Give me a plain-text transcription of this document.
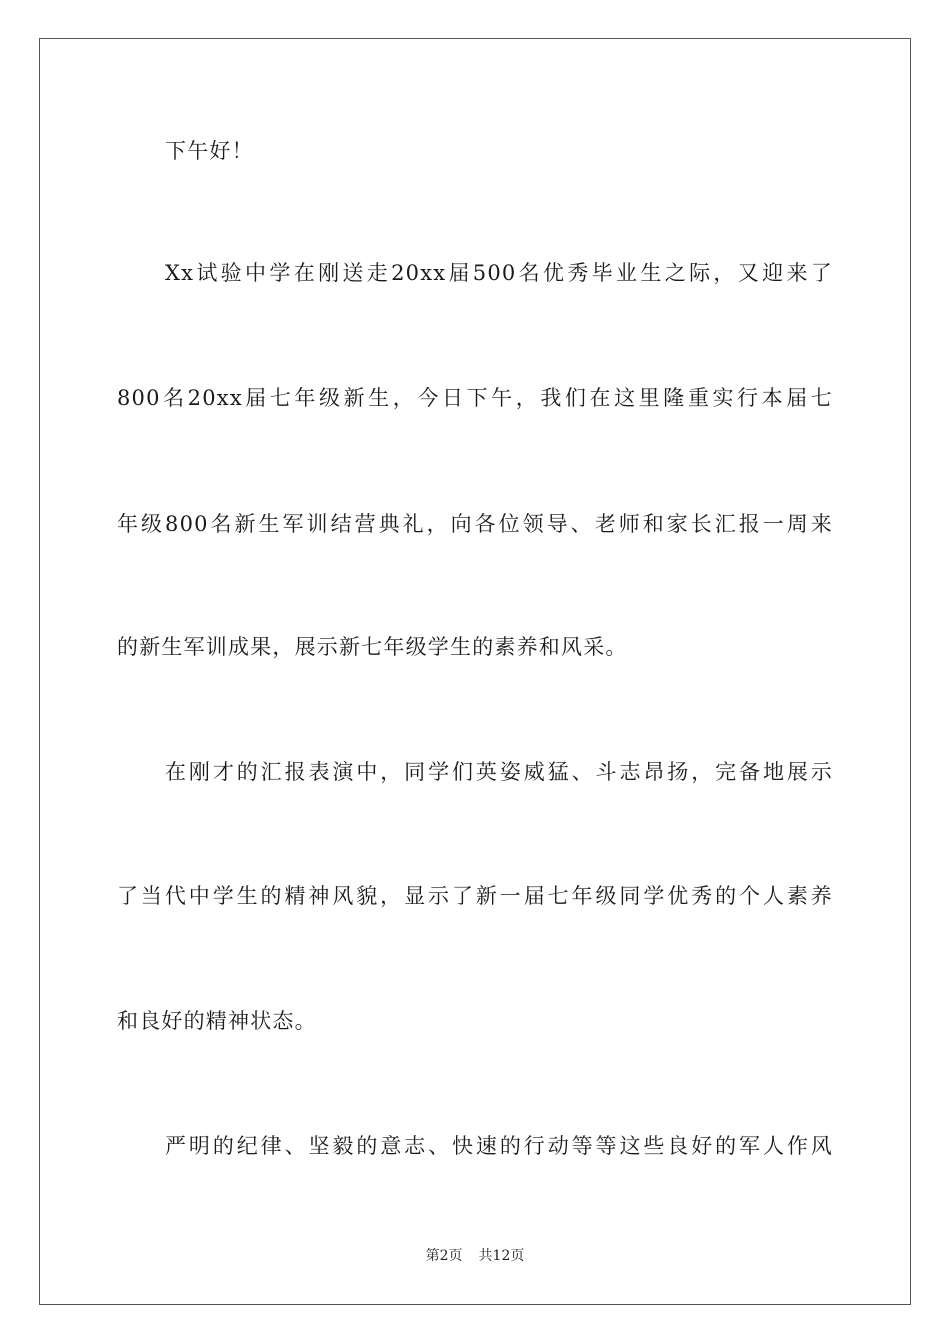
下午好！
Xx试验中学在刚送走20xx届500名优秀毕业生之际，又迎来了
800名20xx届七年级新生，今日下午，我们在这里隆重实行本届七
年级800名新生军训结营典礼，向各位领导、老师和家长汇报一周来
的新生军训成果，展示新七年级学生的素养和风采。
在刚才的汇报表演中，同学们英姿威猛、斗志昂扬，完备地展示
了当代中学生的精神风貌，显示了新一届七年级同学优秀的个人素养
和良好的精神状态。
严明的纪律、坚毅的意志、快速的行动等等这些良好的军人作风
第2页 共12页
